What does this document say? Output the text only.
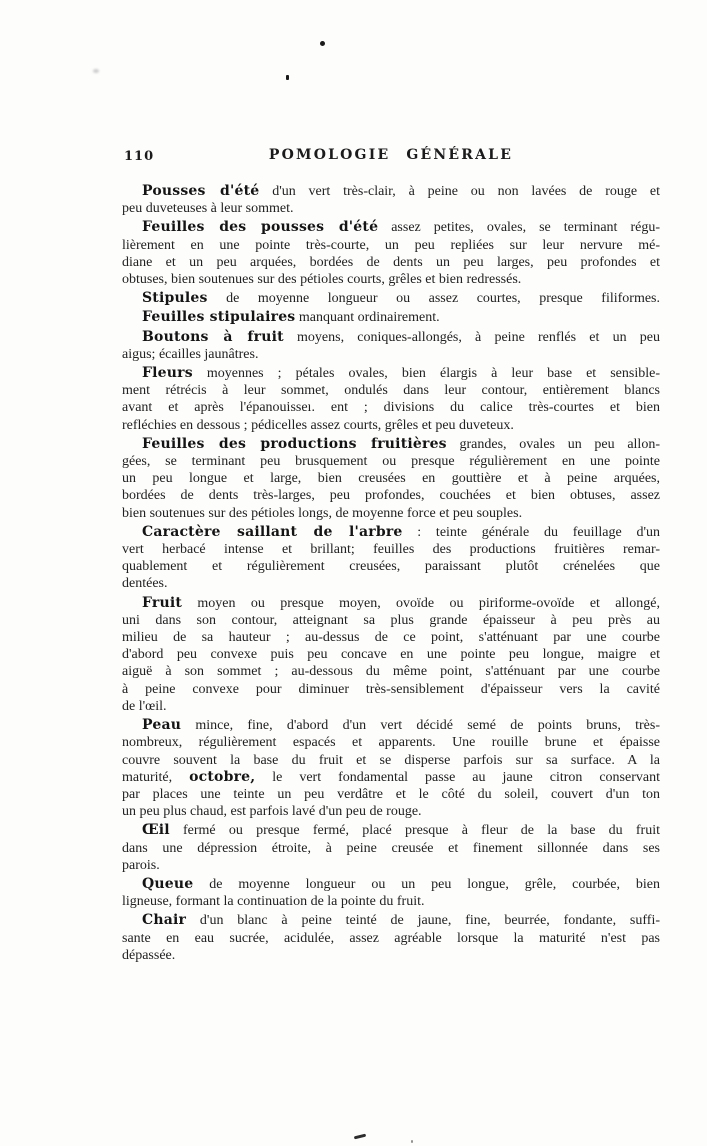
110	POMOLOGIE GÉNÉRALE
Pousses d'été d'un vert très-clair, à peine ou non lavées de rouge et
peu duveteuses à leur sommet.
Feuilles des pousses d'été assez petites, ovales, se terminant régu-
lièrement en une pointe très-courte, un peu repliées sur leur nervure mé-
diane et un peu arquées, bordées de dents un peu larges, peu profondes et
obtuses, bien soutenues sur des pétioles courts, grêles et bien redressés.
Stipules de moyenne longueur ou assez courtes, presque filiformes.
Feuilles stipulaires manquant ordinairement.
Boutons à fruit moyens, coniques-allongés, à peine renflés et un peu
aigus; écailles jaunâtres.
Fleurs moyennes ; pétales ovales, bien élargis à leur base et sensible-
ment rétrécis à leur sommet, ondulés dans leur contour, entièrement blancs
avant et après l'épanouisseı. ent ; divisions du calice très-courtes et bien
refléchies en dessous ; pédicelles assez courts, grêles et peu duveteux.
Feuilles des productions fruitières grandes, ovales un peu allon-
gées, se terminant peu brusquement ou presque régulièrement en une pointe
un peu longue et large, bien creusées en gouttière et à peine arquées,
bordées de dents très-larges, peu profondes, couchées et bien obtuses, assez
bien soutenues sur des pétioles longs, de moyenne force et peu souples.
Caractère saillant de l'arbre : teinte générale du feuillage d'un
vert herbacé intense et brillant; feuilles des productions fruitières remar-
quablement et régulièrement creusées, paraissant plutôt crénelées que
dentées.
Fruit moyen ou presque moyen, ovoïde ou piriforme-ovoïde et allongé,
uni dans son contour, atteignant sa plus grande épaisseur à peu près au
milieu de sa hauteur ; au-dessus de ce point, s'atténuant par une courbe
d'abord peu convexe puis peu concave en une pointe peu longue, maigre et
aiguë à son sommet ; au-dessous du même point, s'atténuant par une courbe
à peine convexe pour diminuer très-sensiblement d'épaisseur vers la cavité
de l'œil.
Peau mince, fine, d'abord d'un vert décidé semé de points bruns, très-
nombreux, régulièrement espacés et apparents. Une rouille brune et épaisse
couvre souvent la base du fruit et se disperse parfois sur sa surface. A la
maturité, octobre, le vert fondamental passe au jaune citron conservant
par places une teinte un peu verdâtre et le côté du soleil, couvert d'un ton
un peu plus chaud, est parfois lavé d'un peu de rouge.
Œil fermé ou presque fermé, placé presque à fleur de la base du fruit
dans une dépression étroite, à peine creusée et finement sillonnée dans ses
parois.
Queue de moyenne longueur ou un peu longue, grêle, courbée, bien
ligneuse, formant la continuation de la pointe du fruit.
Chair d'un blanc à peine teinté de jaune, fine, beurrée, fondante, suffi-
sante en eau sucrée, acidulée, assez agréable lorsque la maturité n'est pas
dépassée.
